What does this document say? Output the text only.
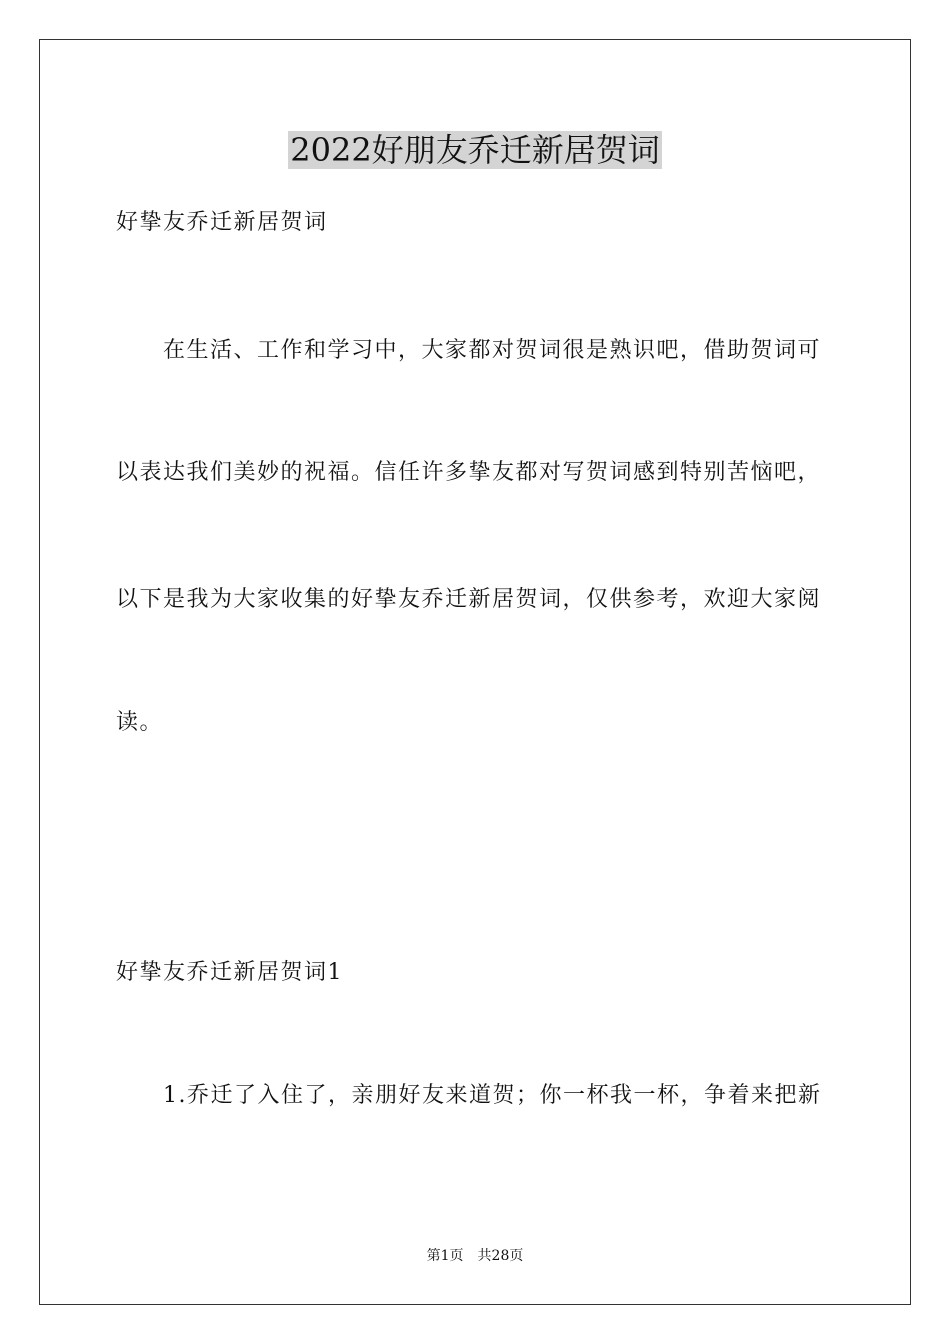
2022好朋友乔迁新居贺词
好挚友乔迁新居贺词
　　在生活、工作和学习中，大家都对贺词很是熟识吧，借助贺词可
以表达我们美妙的祝福。信任许多挚友都对写贺词感到特别苦恼吧，
以下是我为大家收集的好挚友乔迁新居贺词，仅供参考，欢迎大家阅
读。
好挚友乔迁新居贺词1
　　1.乔迁了入住了，亲朋好友来道贺；你一杯我一杯，争着来把新
第1页　共28页
